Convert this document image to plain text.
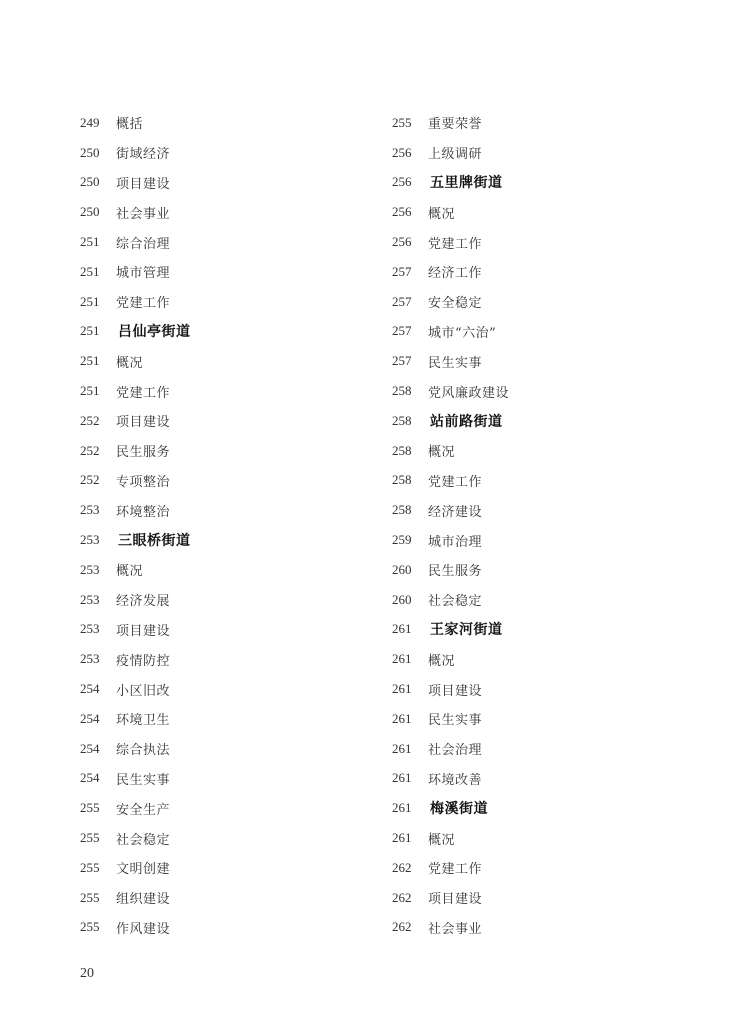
249	概括
250	街域经济
250	项目建设
250	社会事业
251	综合治理
251	城市管理
251	党建工作
251	吕仙亭街道
251	概况
251	党建工作
252	项目建设
252	民生服务
252	专项整治
253	环境整治
253	三眼桥街道
253	概况
253	经济发展
253	项目建设
253	疫情防控
254	小区旧改
254	环境卫生
254	综合执法
254	民生实事
255	安全生产
255	社会稳定
255	文明创建
255	组织建设
255	作风建设
255	重要荣誉
256	上级调研
256	五里牌街道
256	概况
256	党建工作
257	经济工作
257	安全稳定
257	城市“六治”
257	民生实事
258	党风廉政建设
258	站前路街道
258	概况
258	党建工作
258	经济建设
259	城市治理
260	民生服务
260	社会稳定
261	王家河街道
261	概况
261	项目建设
261	民生实事
261	社会治理
261	环境改善
261	梅溪街道
261	概况
262	党建工作
262	项目建设
262	社会事业
20
